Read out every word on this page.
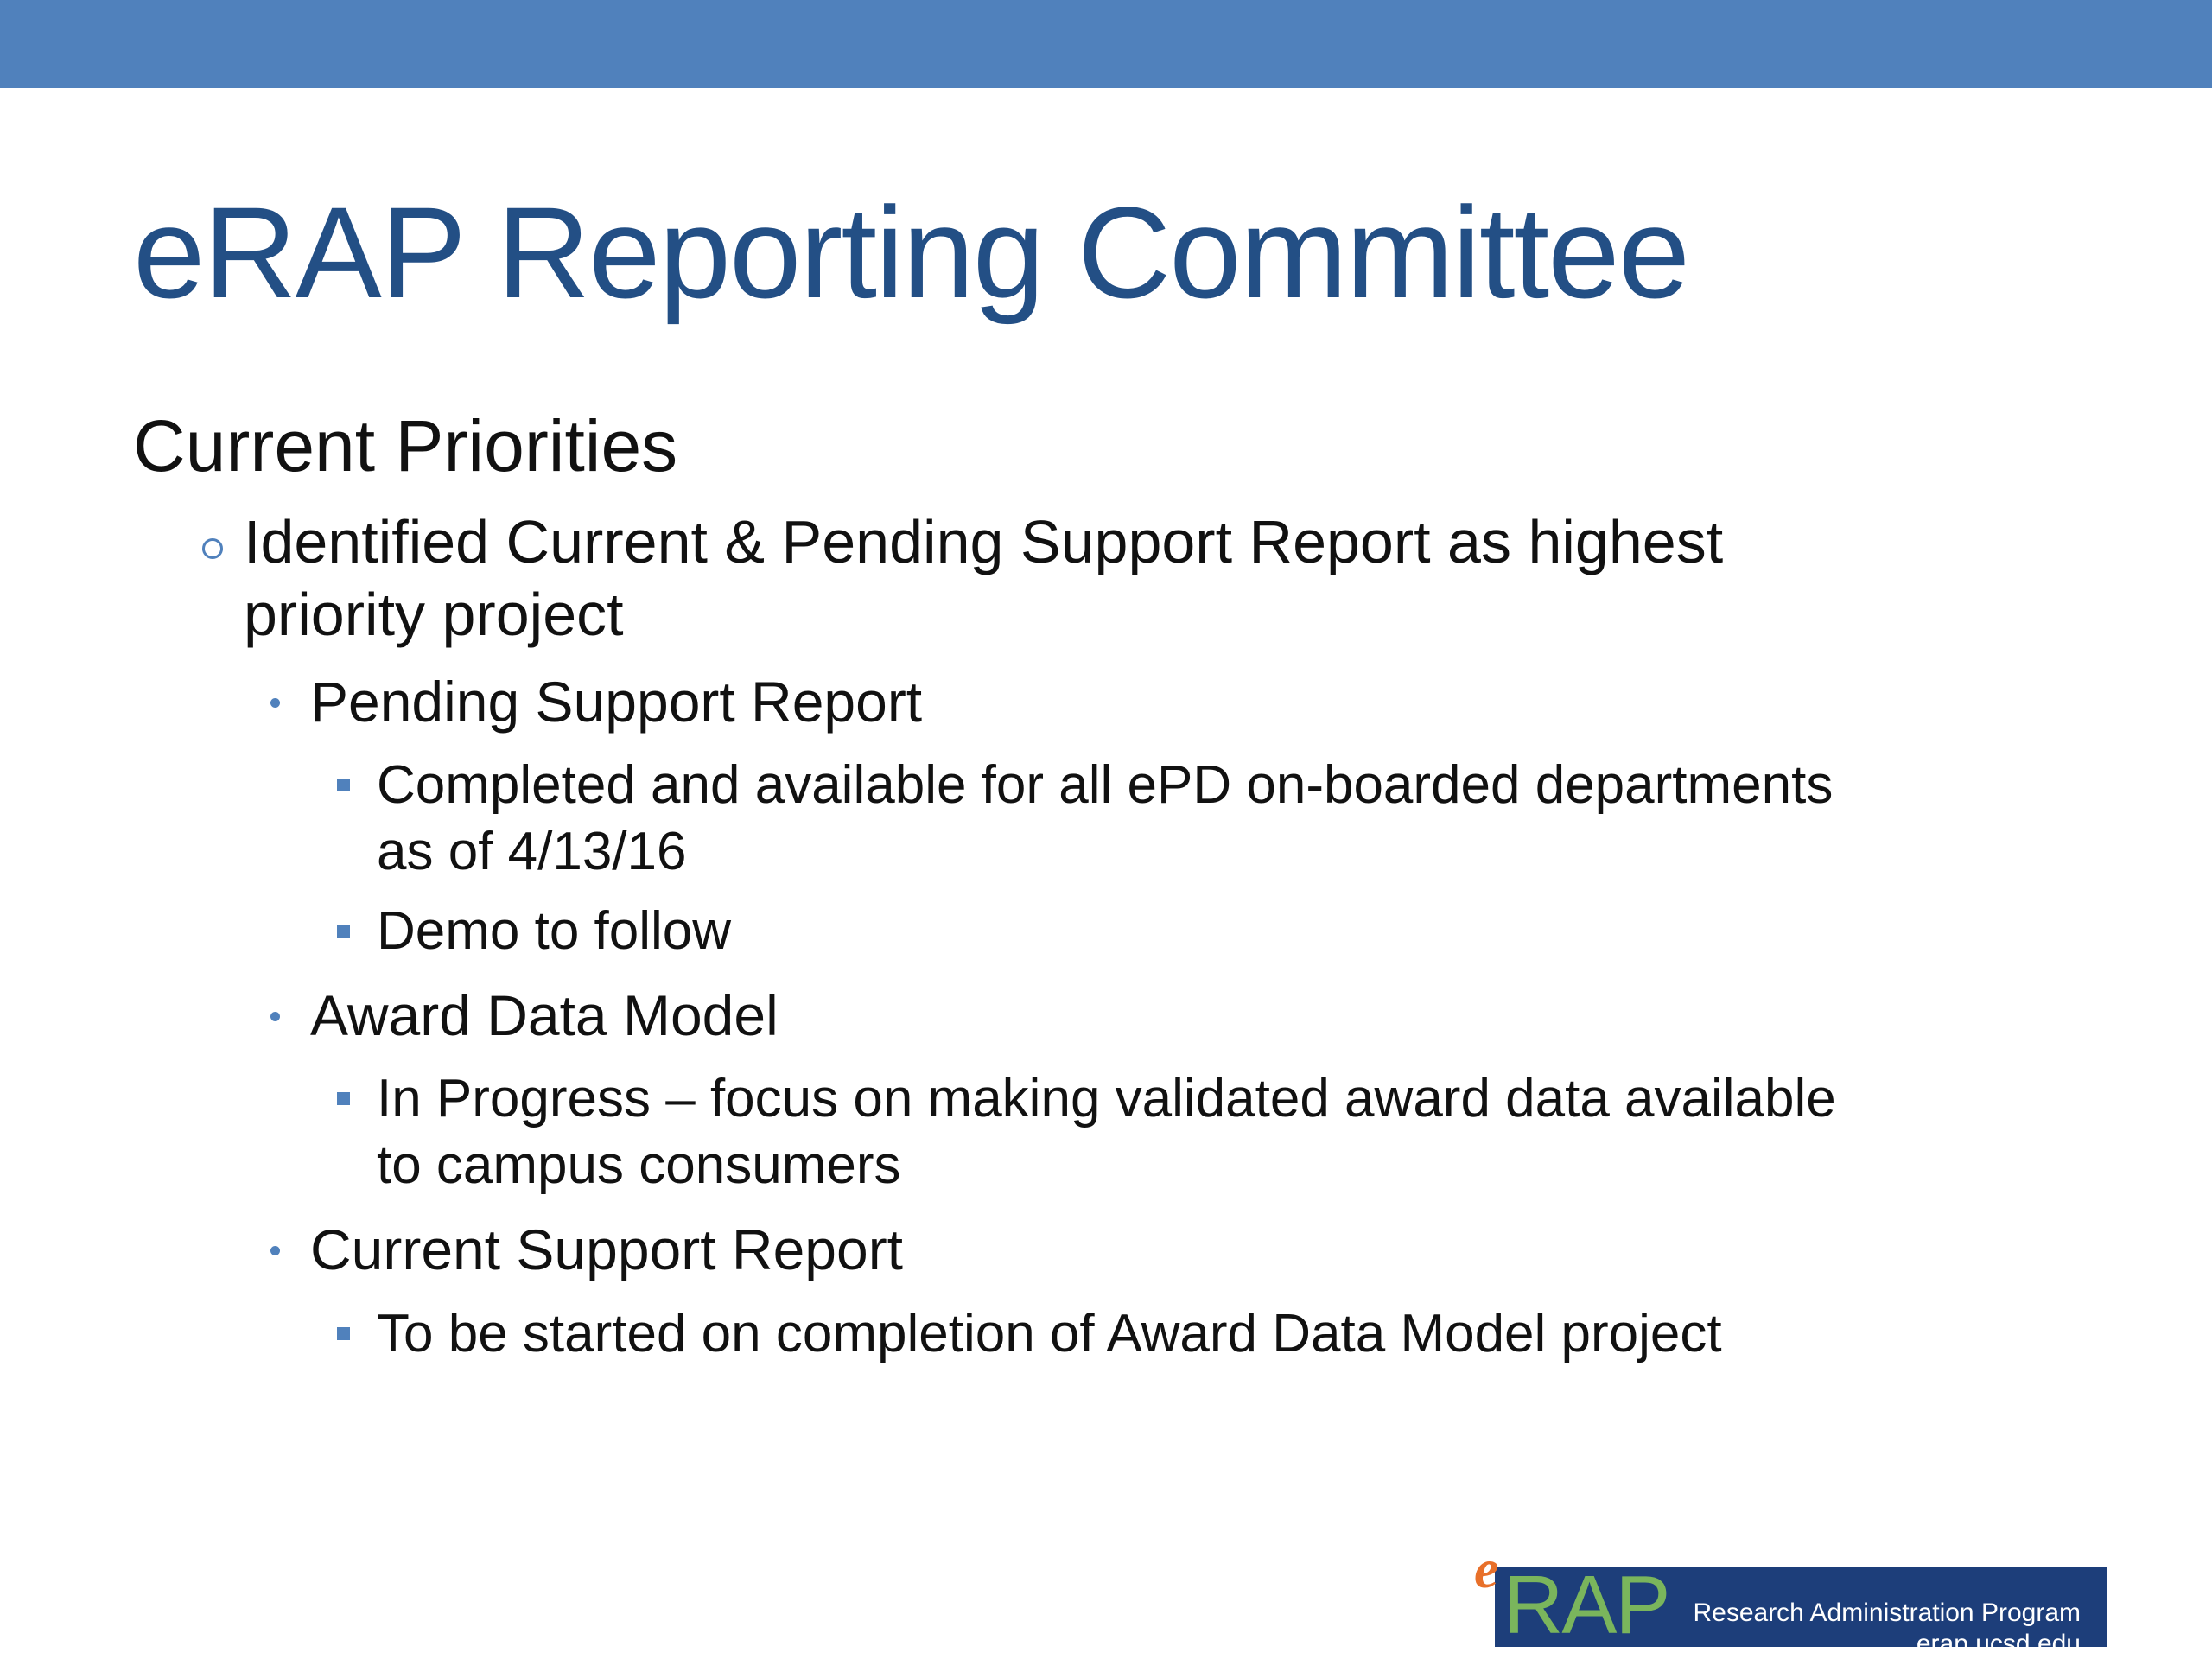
eRAP Reporting Committee
Current Priorities
Identified Current & Pending Support Report as highest
priority project
Pending Support Report
Completed and available for all ePD on-boarded departments
as of 4/13/16
Demo to follow
Award Data Model
In Progress – focus on making validated award data available
to campus consumers
Current Support Report
To be started on completion of Award Data Model project
Research Administration Program
erap.ucsd.edu
RAP
e
